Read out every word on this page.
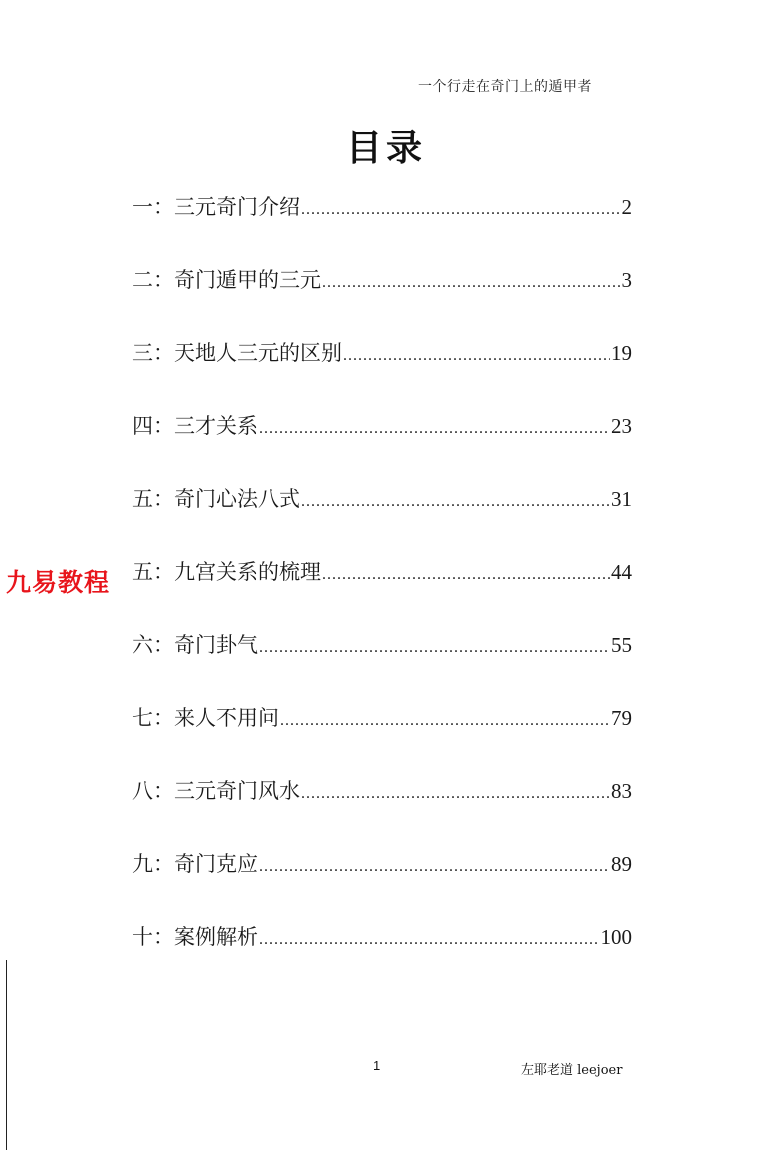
一个行走在奇门上的遁甲者
目录
一： 三元奇门介绍 .....	2
二： 奇门遁甲的三元 .....	3
三： 天地人三元的区别 .....	19
四： 三才关系 .....	23
五： 奇门心法八式 .....	31
五： 九宫关系的梳理 .....	44
六： 奇门卦气 .....	55
七： 来人不用问 .....	79
八： 三元奇门风水 .....	83
九： 奇门克应 .....	89
十： 案例解析 .....	100
九易教程
1	左耶老道 leejoer
